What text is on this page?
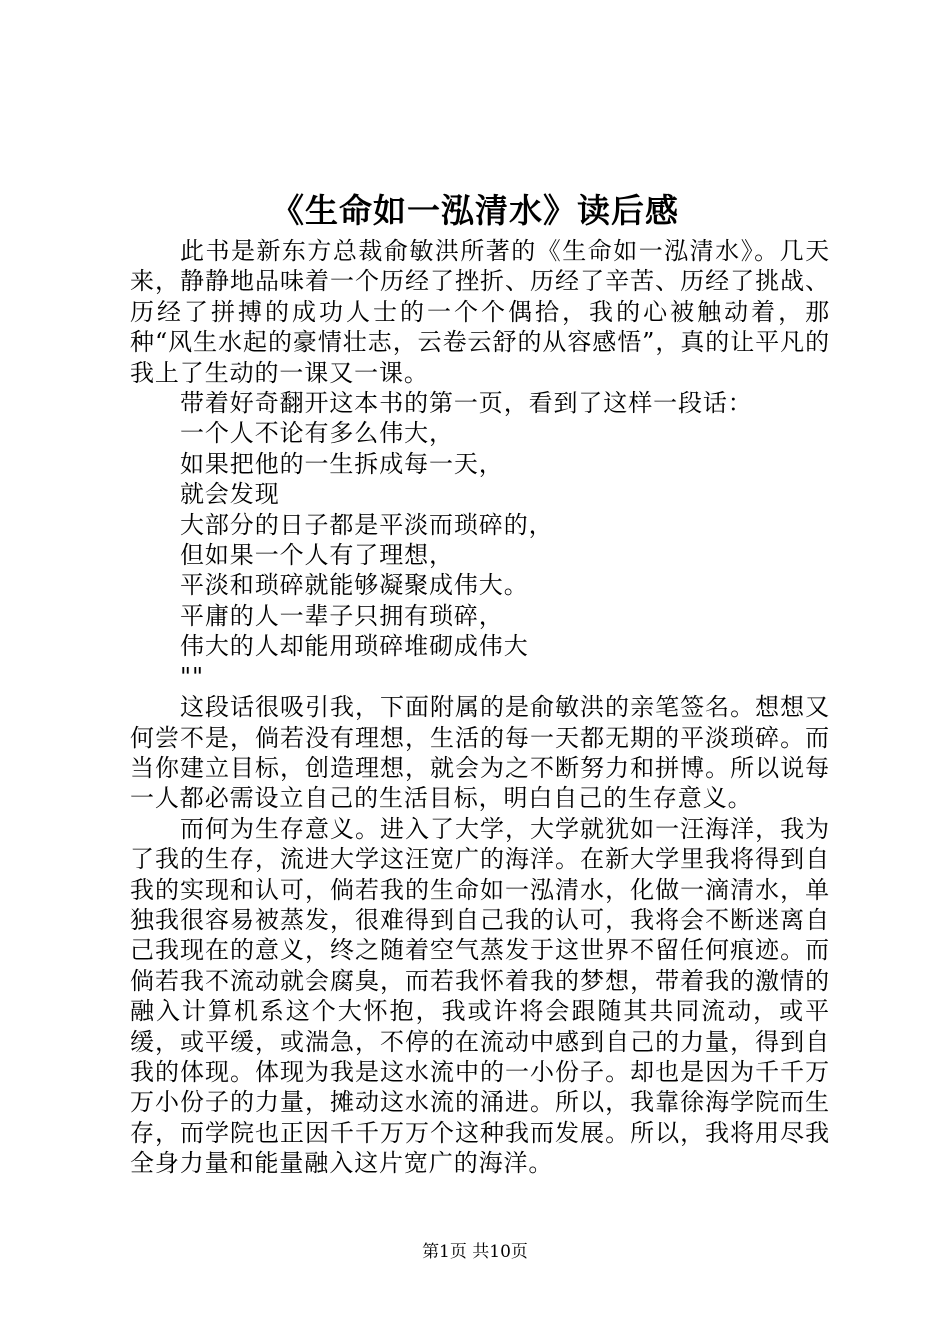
《生命如一泓清水》读后感

此书是新东方总裁俞敏洪所著的《生命如一泓清水》。几天来，静静地品味着一个历经了挫折、历经了辛苦、历经了挑战、历经了拼搏的成功人士的一个个偶拾，我的心被触动着，那种“风生水起的豪情壮志，云卷云舒的从容感悟”，真的让平凡的我上了生动的一课又一课。

带着好奇翻开这本书的第一页，看到了这样一段话：

一个人不论有多么伟大，
如果把他的一生拆成每一天，
就会发现
大部分的日子都是平淡而琐碎的，
但如果一个人有了理想，
平淡和琐碎就能够凝聚成伟大。
平庸的人一辈子只拥有琐碎，
伟大的人却能用琐碎堆砌成伟大
""

这段话很吸引我，下面附属的是俞敏洪的亲笔签名。想想又何尝不是，倘若没有理想，生活的每一天都无期的平淡琐碎。而当你建立目标，创造理想，就会为之不断努力和拼博。所以说每一人都必需设立自己的生活目标，明白自己的生存意义。

而何为生存意义。进入了大学，大学就犹如一汪海洋，我为了我的生存，流进大学这汪宽广的海洋。在新大学里我将得到自我的实现和认可，倘若我的生命如一泓清水，化做一滴清水，单独我很容易被蒸发，很难得到自己我的认可，我将会不断迷离自己我现在的意义，终之随着空气蒸发于这世界不留任何痕迹。而倘若我不流动就会腐臭，而若我怀着我的梦想，带着我的激情的融入计算机系这个大怀抱，我或许将会跟随其共同流动，或平缓，或平缓，或湍急，不停的在流动中感到自己的力量，得到自我的体现。体现为我是这水流中的一小份子。却也是因为千千万万小份子的力量，摊动这水流的涌进。所以，我靠徐海学院而生存，而学院也正因千千万万个这种我而发展。所以，我将用尽我全身力量和能量融入这片宽广的海洋。

第1页 共10页
